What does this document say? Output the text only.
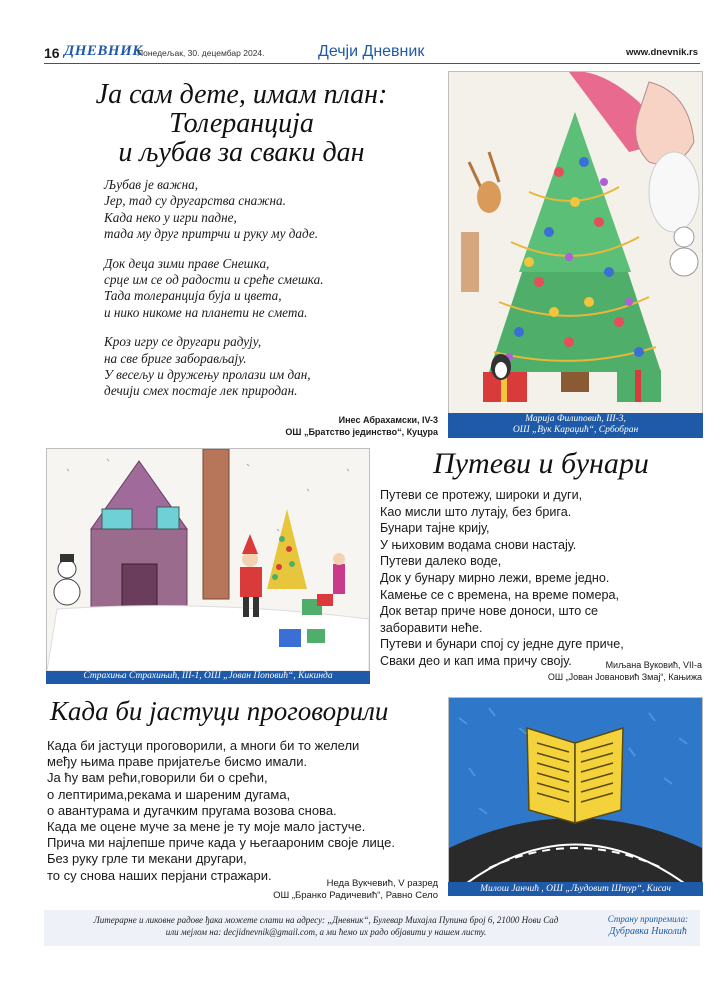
16 ДНЕВНИК
Понедељак, 30. децембар 2024.	Дечји Дневник	www.dnevnik.rs
Ја сам дете, имам план:
Толеранција
и љубав за сваки дан

Љубав је важна,

Јер, тад су другарства снажна.

Када неко у игри падне,

тада му друг притрчи и руку му даде.

Док деца зими праве Снешка,

срце им се од радости и среће смешка.

Тада толеранција буја и цвета,

и нико никоме на планети не смета.

Кроз игру се другари радују,

на све бриге заборављају.

У весељу и дружењу пролази им дан,

дечији смех постаје лек природан.

Инес Абрахамски, IV-3
ОШ „Братство јединство“, Куцура
Марија Филиповић, III-3,
ОШ „Вук Караџић“, Србобран
Страхиња Страхињић, III-1, ОШ „Јован Поповић“, Кикинда
Путеви и бунари

Путеви се протежу, широки и дуги,

Као мисли што лутају, без брига.

Бунари тајне крију,

У њиховим водама снови настају.

Путеви далеко воде,

Док у бунару мирно лежи, време једно.

Камење се с времена, на време помера,

Док ветар приче нове доноси, што се

заборавити неће.

Путеви и бунари спој су једне дуге приче,

Сваки део и кап има причу своју.	Миљана Вуковић, VII-а
ОШ „Јован Јовановић Змај“, Кањижа
Када би јастуци проговорили

Када би јастуци проговорили, а многи би то желели

међу њима праве пријатеље бисмо имали.

Ја ћу вам рећи,говорили би о срећи,

о лептирима,рекама и шареним дугама,

о авантурама и дугачким пругама возова снова.

Када ме оцене муче за мене је ту моје мало јастуче.

Прича ми најлепше приче када у његаароним своје лице.

Без руку грле ти мекани другари,

то су снова наших перјани стражари.

Неда Вукчевић, V разред
ОШ „Бранко Радичевић“, Равно Село
Милош Јанчић , ОШ „Људовит Штур“, Кисач
Литерарне и ликовне радове ђака можете слати на адресу: „Дневник“, Булевар Михајла Пупина број 6, 21000 Нови Сад
или мејлом на: decjidnevnik@gmail.com, а ми ћемо их радо објавити у нашем листу.
Страну припремила:
Дубравка Николић
